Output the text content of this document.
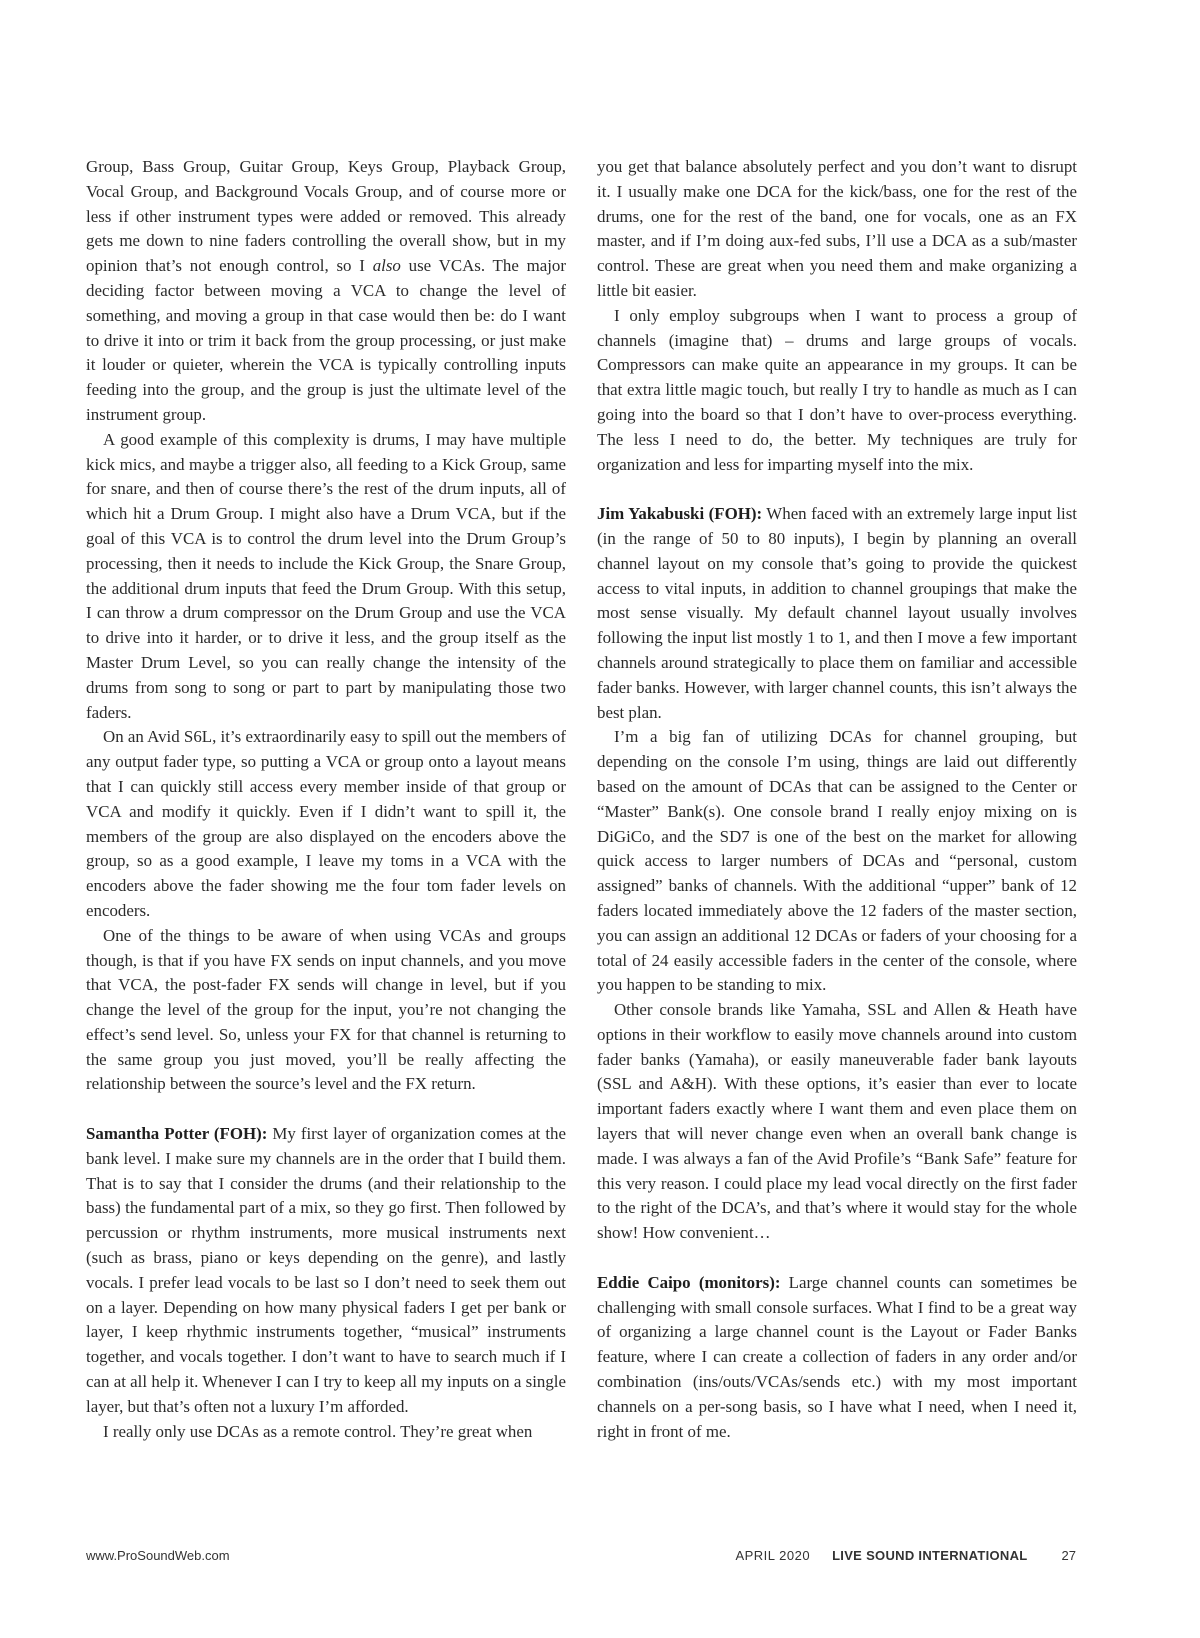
Group, Bass Group, Guitar Group, Keys Group, Playback Group, Vocal Group, and Background Vocals Group, and of course more or less if other instrument types were added or removed. This already gets me down to nine faders controlling the overall show, but in my opinion that’s not enough control, so I also use VCAs. The major deciding factor between moving a VCA to change the level of something, and moving a group in that case would then be: do I want to drive it into or trim it back from the group processing, or just make it louder or quieter, wherein the VCA is typically controlling inputs feeding into the group, and the group is just the ultimate level of the instrument group.

A good example of this complexity is drums, I may have multiple kick mics, and maybe a trigger also, all feeding to a Kick Group, same for snare, and then of course there’s the rest of the drum inputs, all of which hit a Drum Group. I might also have a Drum VCA, but if the goal of this VCA is to control the drum level into the Drum Group’s processing, then it needs to include the Kick Group, the Snare Group, the additional drum inputs that feed the Drum Group. With this setup, I can throw a drum compressor on the Drum Group and use the VCA to drive into it harder, or to drive it less, and the group itself as the Master Drum Level, so you can really change the intensity of the drums from song to song or part to part by manipulating those two faders.

On an Avid S6L, it’s extraordinarily easy to spill out the members of any output fader type, so putting a VCA or group onto a layout means that I can quickly still access every member inside of that group or VCA and modify it quickly. Even if I didn’t want to spill it, the members of the group are also displayed on the encoders above the group, so as a good example, I leave my toms in a VCA with the encoders above the fader showing me the four tom fader levels on encoders.

One of the things to be aware of when using VCAs and groups though, is that if you have FX sends on input channels, and you move that VCA, the post-fader FX sends will change in level, but if you change the level of the group for the input, you’re not changing the effect’s send level. So, unless your FX for that channel is returning to the same group you just moved, you’ll be really affecting the relationship between the source’s level and the FX return.

Samantha Potter (FOH): My first layer of organization comes at the bank level. I make sure my channels are in the order that I build them. That is to say that I consider the drums (and their relationship to the bass) the fundamental part of a mix, so they go first. Then followed by percussion or rhythm instruments, more musical instruments next (such as brass, piano or keys depending on the genre), and lastly vocals. I prefer lead vocals to be last so I don’t need to seek them out on a layer. Depending on how many physical faders I get per bank or layer, I keep rhythmic instruments together, “musical” instruments together, and vocals together. I don’t want to have to search much if I can at all help it. Whenever I can I try to keep all my inputs on a single layer, but that’s often not a luxury I’m afforded.

I really only use DCAs as a remote control. They’re great when

you get that balance absolutely perfect and you don’t want to disrupt it. I usually make one DCA for the kick/bass, one for the rest of the drums, one for the rest of the band, one for vocals, one as an FX master, and if I’m doing aux-fed subs, I’ll use a DCA as a sub/master control. These are great when you need them and make organizing a little bit easier.

I only employ subgroups when I want to process a group of channels (imagine that) – drums and large groups of vocals. Compressors can make quite an appearance in my groups. It can be that extra little magic touch, but really I try to handle as much as I can going into the board so that I don’t have to over-process everything. The less I need to do, the better. My techniques are truly for organization and less for imparting myself into the mix.

Jim Yakabuski (FOH): When faced with an extremely large input list (in the range of 50 to 80 inputs), I begin by planning an overall channel layout on my console that’s going to provide the quickest access to vital inputs, in addition to channel groupings that make the most sense visually. My default channel layout usually involves following the input list mostly 1 to 1, and then I move a few important channels around strategically to place them on familiar and accessible fader banks. However, with larger channel counts, this isn’t always the best plan.

I’m a big fan of utilizing DCAs for channel grouping, but depending on the console I’m using, things are laid out differently based on the amount of DCAs that can be assigned to the Center or “Master” Bank(s). One console brand I really enjoy mixing on is DiGiCo, and the SD7 is one of the best on the market for allowing quick access to larger numbers of DCAs and “personal, custom assigned” banks of channels. With the additional “upper” bank of 12 faders located immediately above the 12 faders of the master section, you can assign an additional 12 DCAs or faders of your choosing for a total of 24 easily accessible faders in the center of the console, where you happen to be standing to mix.

Other console brands like Yamaha, SSL and Allen & Heath have options in their workflow to easily move channels around into custom fader banks (Yamaha), or easily maneuverable fader bank layouts (SSL and A&H). With these options, it’s easier than ever to locate important faders exactly where I want them and even place them on layers that will never change even when an overall bank change is made. I was always a fan of the Avid Profile’s “Bank Safe” feature for this very reason. I could place my lead vocal directly on the first fader to the right of the DCA’s, and that’s where it would stay for the whole show! How convenient…

Eddie Caipo (monitors): Large channel counts can sometimes be challenging with small console surfaces. What I find to be a great way of organizing a large channel count is the Layout or Fader Banks feature, where I can create a collection of faders in any order and/or combination (ins/outs/VCAs/sends etc.) with my most important channels on a per-song basis, so I have what I need, when I need it, right in front of me.

www.ProSoundWeb.com	APRIL 2020 LIVE SOUND INTERNATIONAL	27
